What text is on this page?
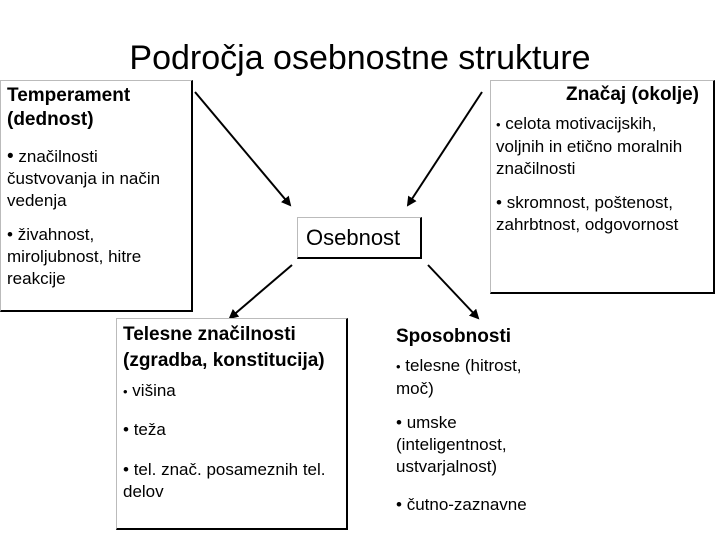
Področja osebnostne strukture
Temperament (dednost)
• značilnosti čustvovanja in način vedenja
• živahnost, miroljubnost, hitre reakcije
Značaj (okolje)
• celota motivacijskih, voljnih in etično moralnih značilnosti
• skromnost, poštenost, zahrbtnost, odgovornost
Osebnost
Telesne značilnosti (zgradba, konstitucija)
• višina
• teža
• tel. znač. posameznih tel. delov
Sposobnosti
• telesne (hitrost, moč)
• umske (inteligentnost, ustvarjalnost)
• čutno-zaznavne
